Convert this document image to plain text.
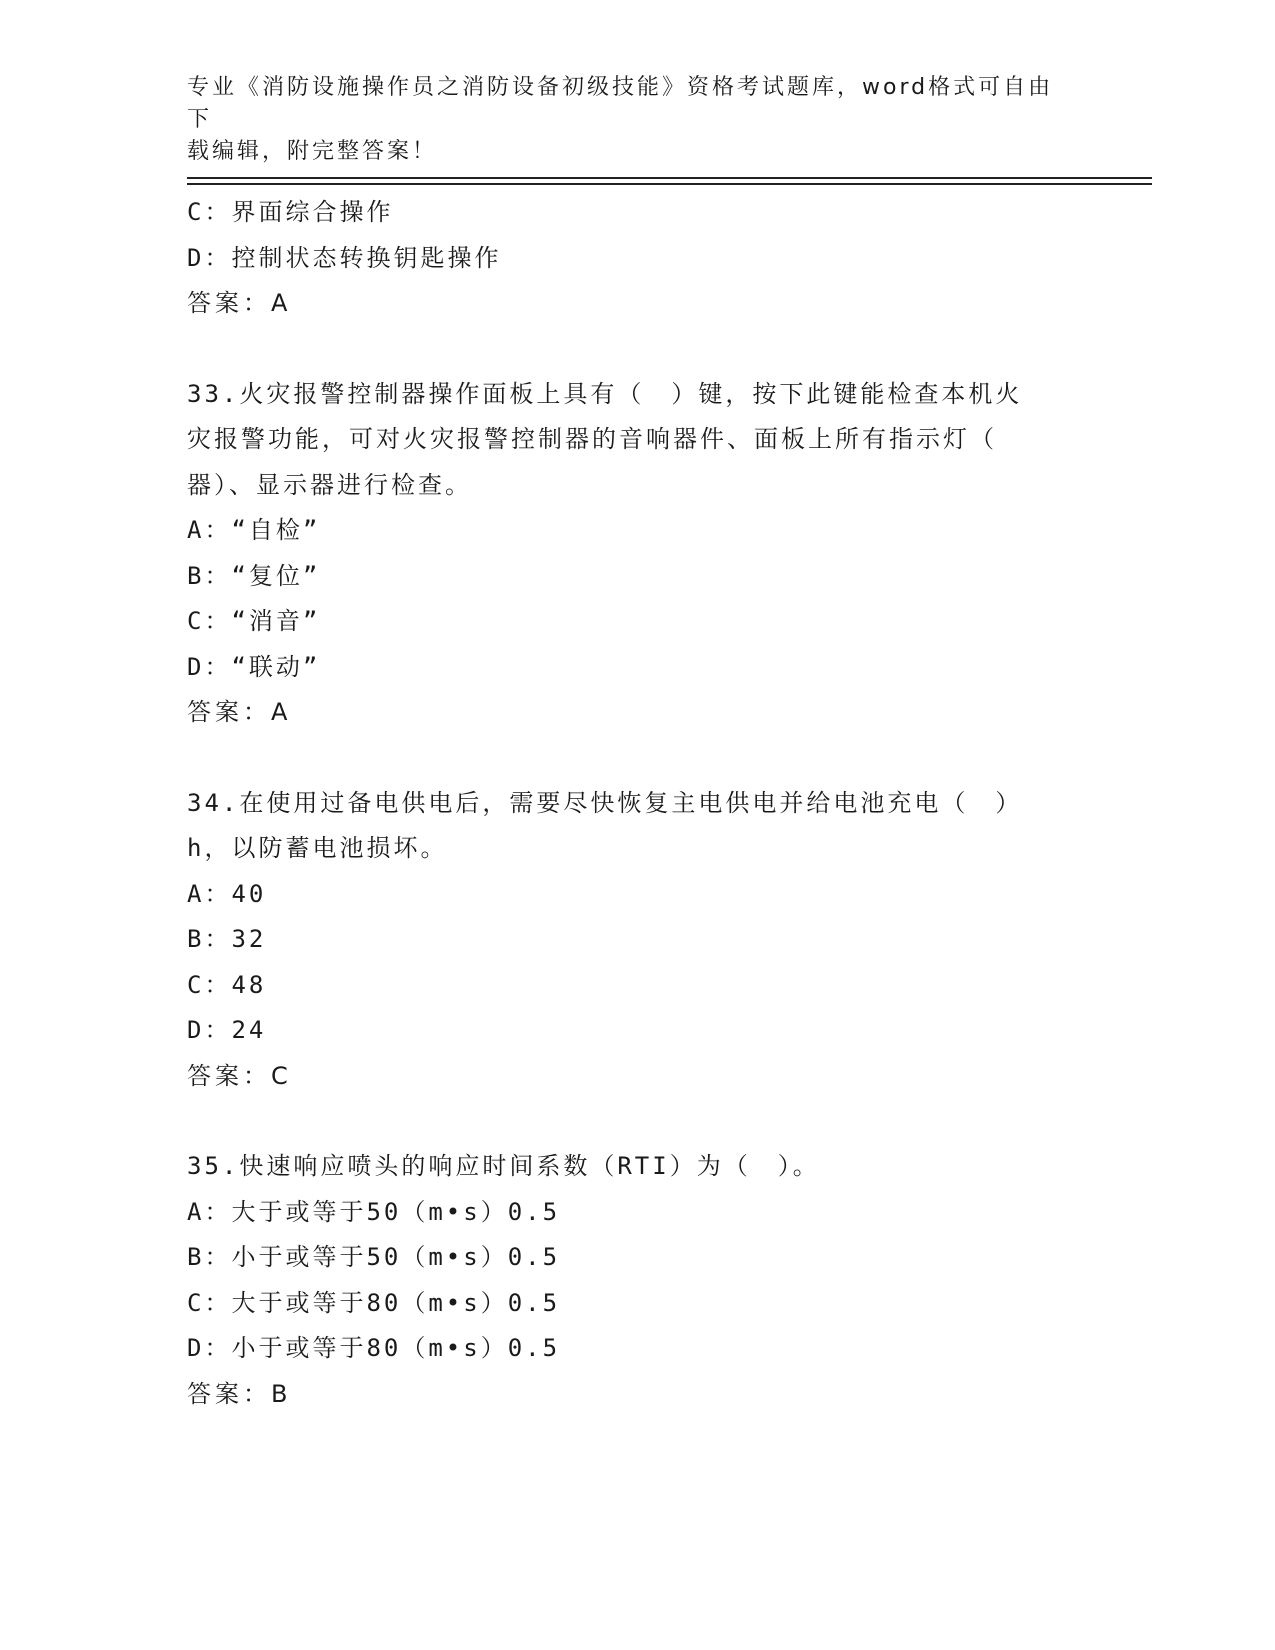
专业《消防设施操作员之消防设备初级技能》资格考试题库，word格式可自由下
载编辑，附完整答案！
C：界面综合操作
D：控制状态转换钥匙操作
答案：A
33.火灾报警控制器操作面板上具有（　）键，按下此键能检查本机火
灾报警功能，可对火灾报警控制器的音响器件、面板上所有指示灯（
器）、显示器进行检查。
A：“自检”
B：“复位”
C：“消音”
D：“联动”
答案：A
34.在使用过备电供电后，需要尽快恢复主电供电并给电池充电（　）
h，以防蓄电池损坏。
A：40
B：32
C：48
D：24
答案：C
35.快速响应喷头的响应时间系数（RTI）为（　）。
A：大于或等于50（m•s）0.5
B：小于或等于50（m•s）0.5
C：大于或等于80（m•s）0.5
D：小于或等于80（m•s）0.5
答案：B
